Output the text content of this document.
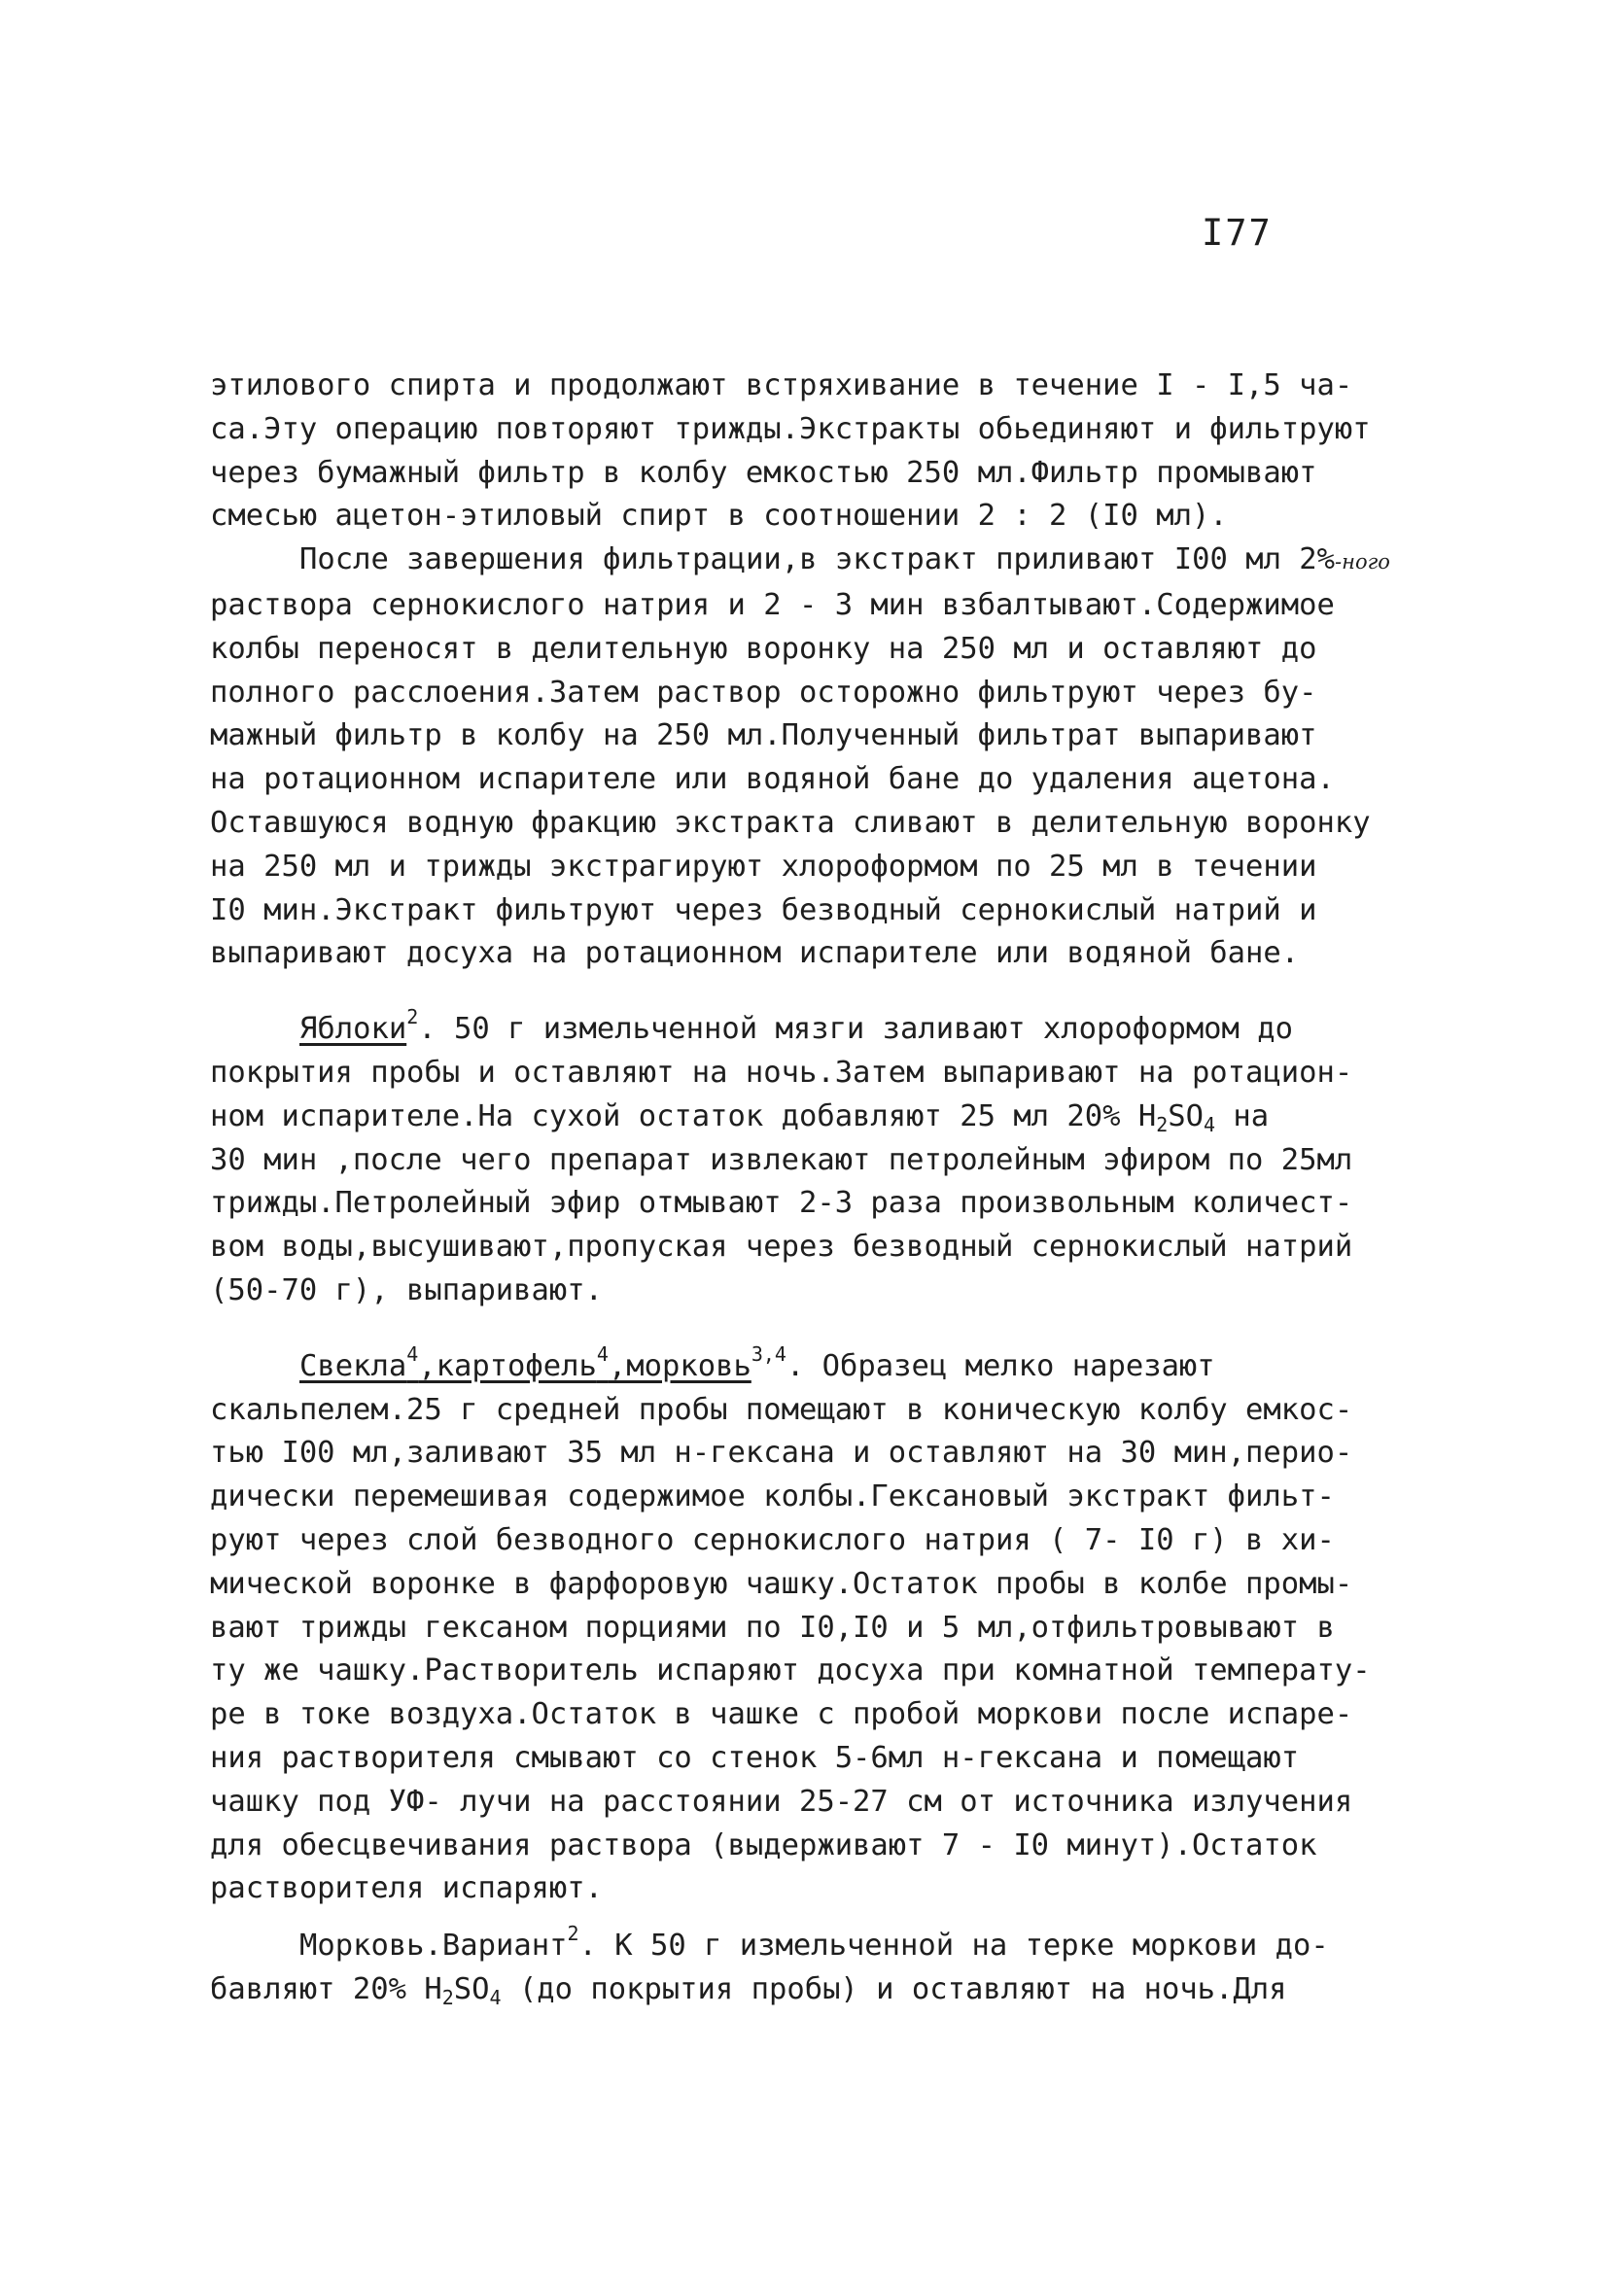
I77
этилового спирта и продолжают встряхивание в течение I - I,5 ча-
са.Эту операцию повторяют трижды.Экстракты обьединяют и фильтруют
через бумажный фильтр в колбу емкостью 250 мл.Фильтр промывают
смесью ацетон-этиловый спирт в соотношении 2 : 2 (I0 мл).
После завершения фильтрации,в экстракт приливают I00 мл 2%-ного
раствора сернокислого натрия и 2 - 3 мин взбалтывают.Содержимое
колбы переносят в делительную воронку на 250 мл и оставляют до
полного расслоения.Затем раствор осторожно фильтруют через бу-
мажный фильтр в колбу на 250 мл.Полученный фильтрат выпаривают
на ротационном испарителе или водяной бане до удаления ацетона.
Оставшуюся водную фракцию экстракта сливают в делительную воронку
на 250 мл и трижды экстрагируют хлороформом по 25 мл в течении
I0 мин.Экстракт фильтруют через безводный сернокислый натрий и
выпаривают досуха на ротационном испарителе или водяной бане.
Яблоки$^2$. 50 г измельченной мязги заливают хлороформом до
покрытия пробы и оставляют на ночь.Затем выпаривают на ротацион-
ном испарителе.На сухой остаток добавляют 25 мл 20% $H_2SO_4$ на
30 мин ,после чего препарат извлекают петролейным эфиром по 25мл
трижды.Петролейный эфир отмывают 2-3 раза произвольным количест-
вом воды,высушивают,пропуская через безводный сернокислый натрий
(50-70 г), выпаривают.
Свекла$^4$,картофель$^4$,морковь$^{3,4}$. Образец мелко нарезают
скальпелем.25 г средней пробы помещают в коническую колбу емкос-
тью I00 мл,заливают 35 мл н-гексана и оставляют на 30 мин,перио-
дически перемешивая содержимое колбы.Гексановый экстракт фильт-
руют через слой безводного сернокислого натрия ( 7- I0 г) в хи-
мической воронке в фарфоровую чашку.Остаток пробы в колбе промы-
вают трижды гексаном порциями по I0,I0 и 5 мл,отфильтровывают в
ту же чашку.Растворитель испаряют досуха при комнатной температу-
ре в токе воздуха.Остаток в чашке с пробой моркови после испаре-
ния растворителя смывают со стенок 5-6мл н-гексана и помещают
чашку под УФ- лучи на расстоянии 25-27 см от источника излучения
для обесцвечивания раствора (выдерживают 7 - I0 минут).Остаток
растворителя испаряют.
Морковь.Вариант$^2$. К 50 г измельченной на терке моркови до-
бавляют 20% $H_2SO_4$ (до покрытия пробы) и оставляют на ночь.Для
